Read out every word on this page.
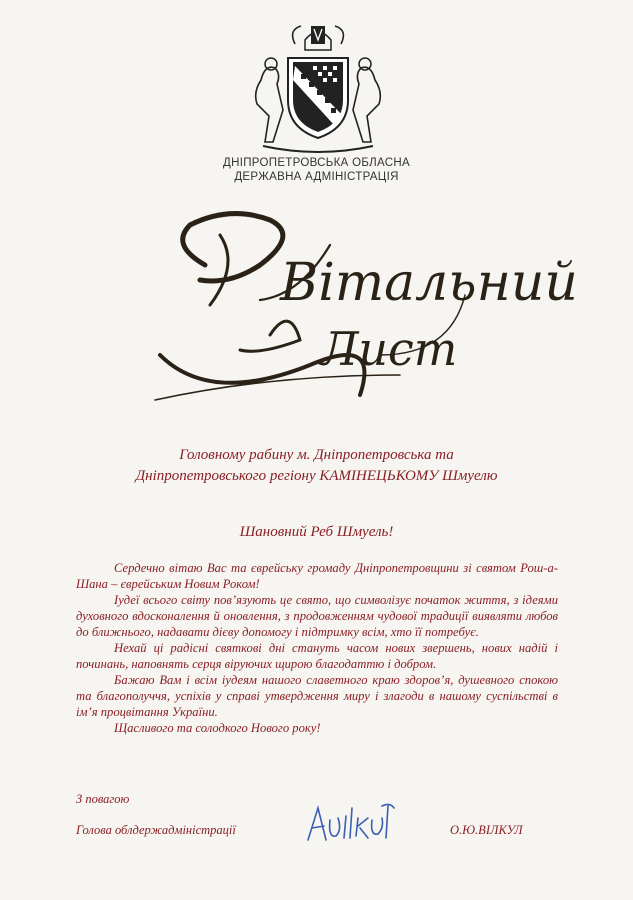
ДНІПРОПЕТРОВСЬКА ОБЛАСНА
ДЕРЖАВНА АДМІНІСТРАЦІЯ
Вітальний
Лист
Головному рабину м. Дніпропетровська та
Дніпропетровського регіону КАМІНЕЦЬКОМУ Шмуелю
Шановний Реб Шмуель!

Сердечно вітаю Вас та єврейську громаду Дніпропетровщини зі святом Рош-а-Шана – єврейським Новим Роком!

Іудеї всього світу пов’язують це свято, що символізує початок життя, з ідеями духовного вдосконалення й оновлення, з продовженням чудової традиції виявляти любов до ближнього, надавати дієву допомогу і підтримку всім, хто її потребує.

Нехай ці радісні святкові дні стануть часом нових звершень, нових надій і починань, наповнять серця віруючих щирою благодаттю і добром.

Бажаю Вам і всім іудеям нашого славетного краю здоров’я, душевного спокою та благополуччя, успіхів у справі утвердження миру і злагоди в нашому суспільстві в ім’я процвітання України.

Щасливого та солодкого Нового року!

З повагою
Голова облдержадміністрації	О.Ю.ВІЛКУЛ
